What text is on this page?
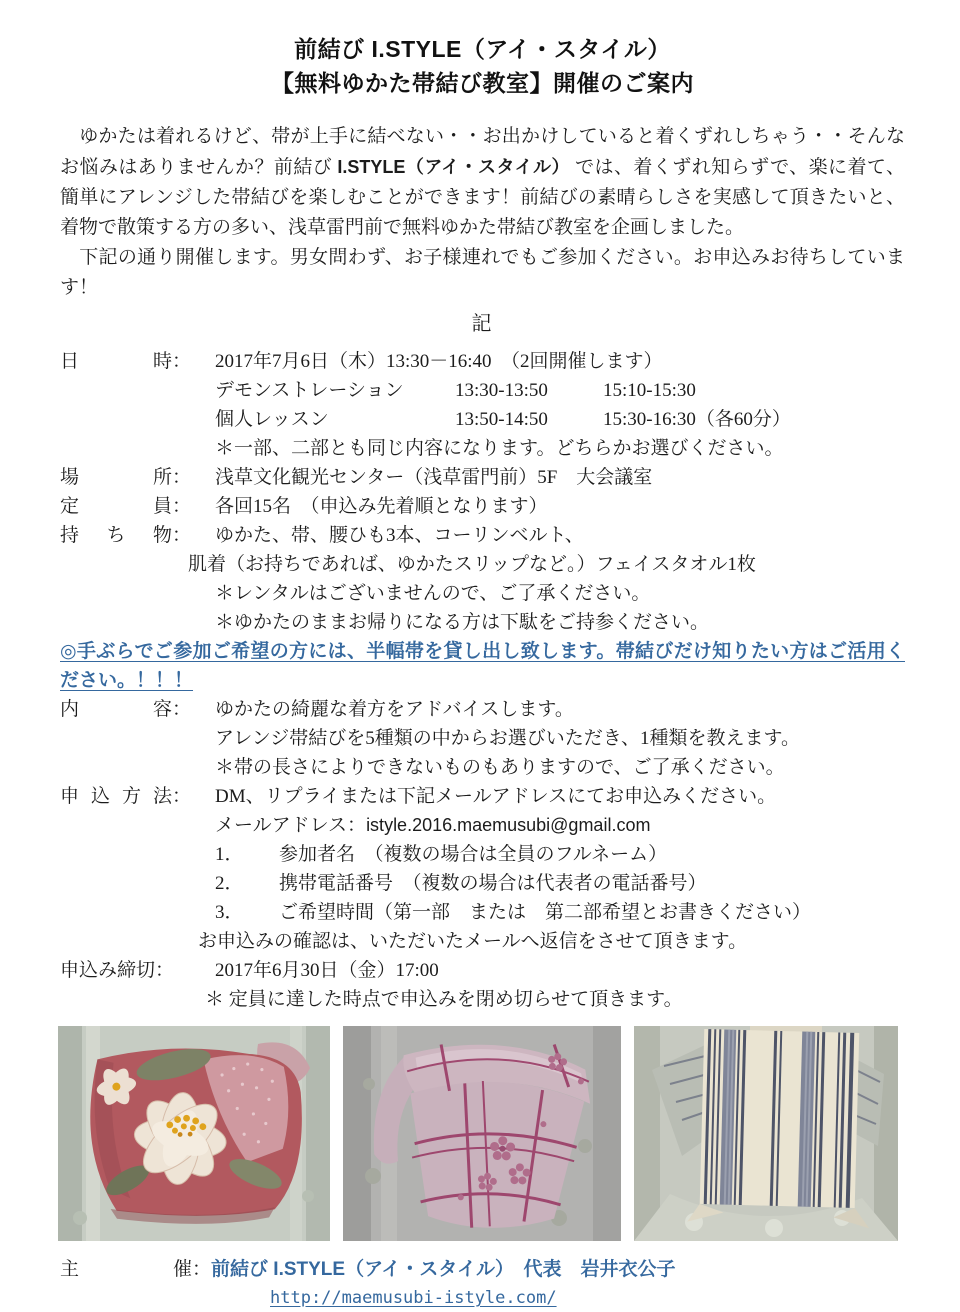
前結び I.STYLE（アイ・スタイル）
【無料ゆかた帯結び教室】開催のご案内
　ゆかたは着れるけど、帯が上手に結べない・・お出かけしていると着くずれしちゃう・・そんなお悩みはありませんか？前結び I.STYLE（アイ・スタイル） では、着くずれ知らずで、楽に着て、簡単にアレンジした帯結びを楽しむことができます！前結びの素晴らしさを実感して頂きたいと、着物で散策する方の多い、浅草雷門前で無料ゆかた帯結び教室を企画しました。
　下記の通り開催します。男女問わず、お子様連れでもご参加ください。お申込みお待ちしています！
記
日時：	2017年7月6日（木）13:30－16:40　（2回開催します）
デモンストレーション	13:30-13:50	15:10-15:30
個人レッスン	13:50-14:50	15:30-16:30（各60分）
＊一部、二部とも同じ内容になります。どちらかお選びください。
場所：	浅草文化観光センター（浅草雷門前）5F　大会議室
定員：	各回15名　（申込み先着順となります）
持ち物：	ゆかた、帯、腰ひも3本、コーリンベルト、
肌着（お持ちであれば、ゆかたスリップなど。）フェイスタオル1枚
＊レンタルはございませんので、ご了承ください。
＊ゆかたのままお帰りになる方は下駄をご持参ください。
◎手ぶらでご参加ご希望の方には、半幅帯を貸し出し致します。帯結びだけ知りたい方はご活用ください。！！！
内容：	ゆかたの綺麗な着方をアドバイスします。
アレンジ帯結びを5種類の中からお選びいただき、1種類を教えます。
＊帯の長さによりできないものもありますので、ご了承ください。
申込方法：	DM、リプライまたは下記メールアドレスにてお申込みください。
メールアドレス：istyle.2016.maemusubi@gmail.com
1． 参加者名　（複数の場合は全員のフルネーム）
2． 携帯電話番号　（複数の場合は代表者の電話番号）
3． ご希望時間（第一部　または　第二部希望とお書きください）
お申込みの確認は、いただいたメールへ返信をさせて頂きます。
申込み締切：	2017年6月30日（金）17:00
＊ 定員に達した時点で申込みを閉め切らせて頂きます。
主催： 前結び I.STYLE（アイ・スタイル）　代表　岩井衣公子
http://maemusubi-istyle.com/
